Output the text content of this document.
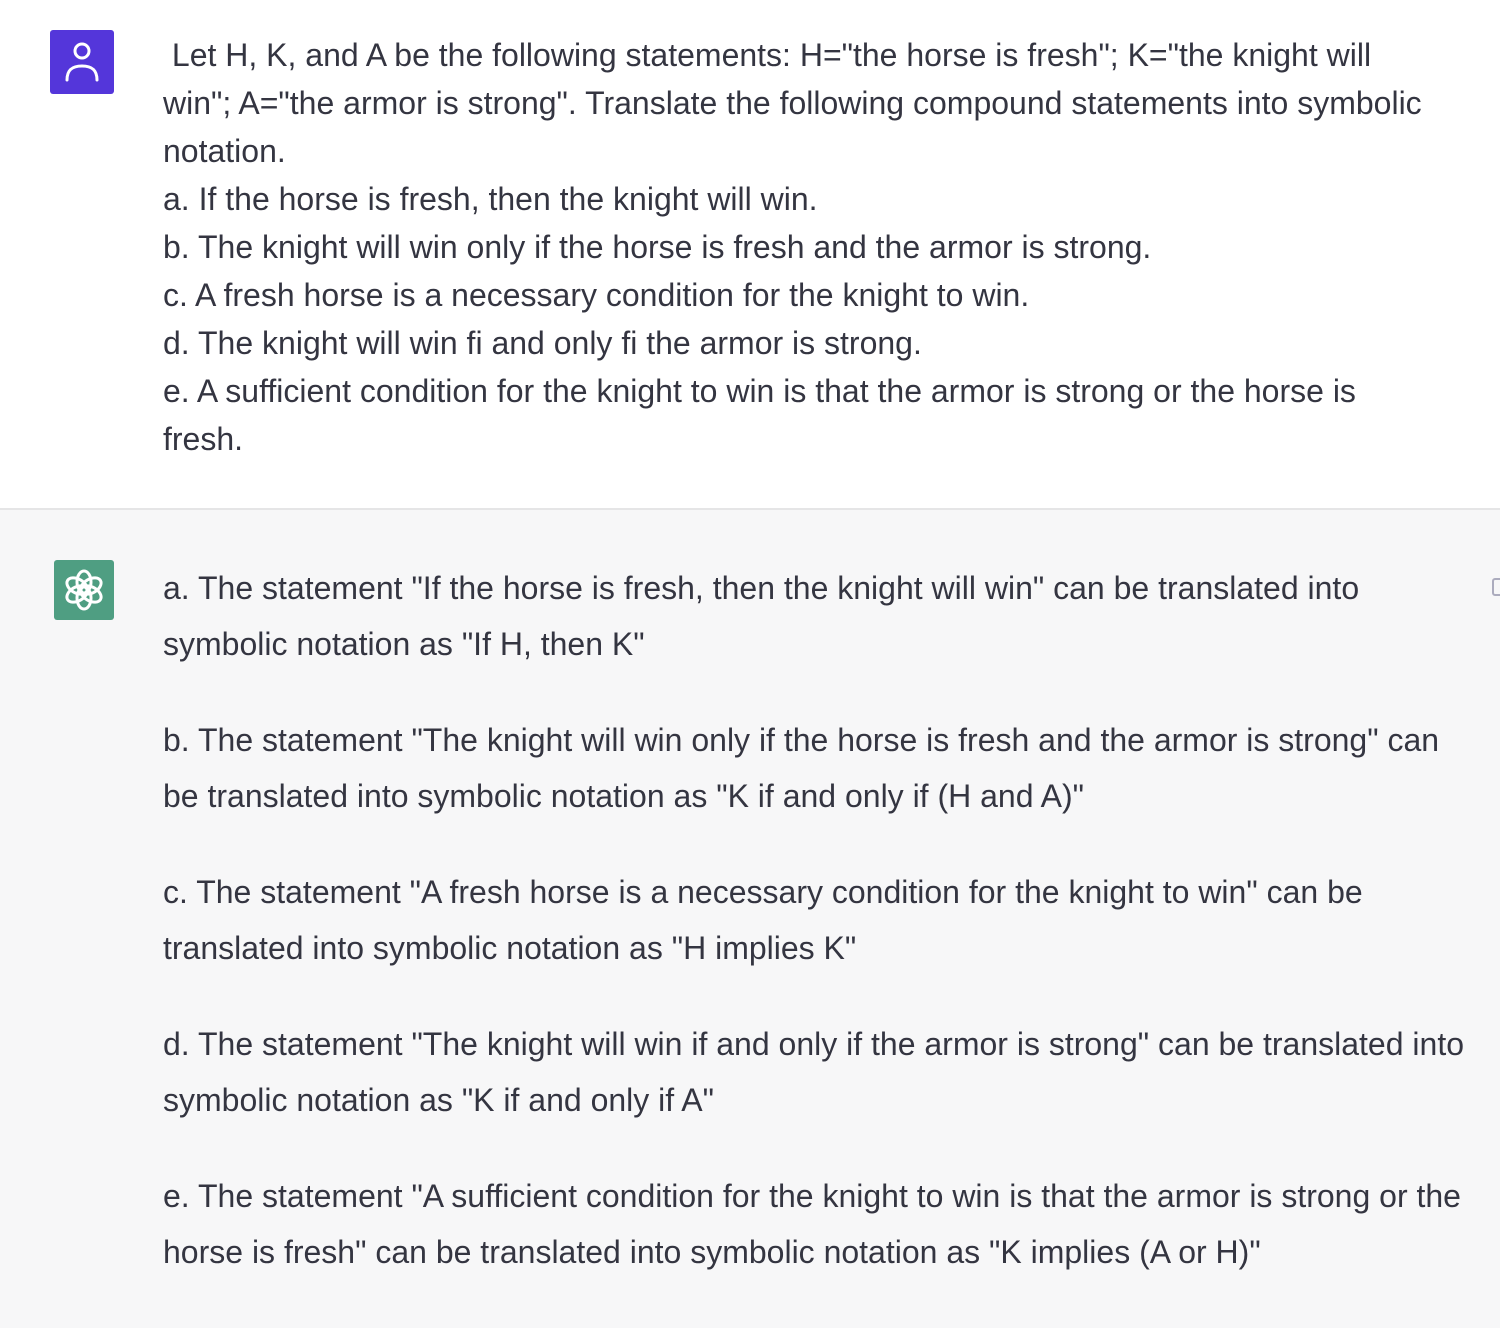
Let H, K, and A be the following statements: H="the horse is fresh"; K="the knight will win"; A="the armor is strong". Translate the following compound statements into symbolic notation.
a. If the horse is fresh, then the knight will win.
b. The knight will win only if the horse is fresh and the armor is strong.
c. A fresh horse is a necessary condition for the knight to win.
d. The knight will win fi and only fi the armor is strong.
e. A sufficient condition for the knight to win is that the armor is strong or the horse is fresh.

a. The statement "If the horse is fresh, then the knight will win" can be translated into symbolic notation as "If H, then K"

b. The statement "The knight will win only if the horse is fresh and the armor is strong" can be translated into symbolic notation as "K if and only if (H and A)"

c. The statement "A fresh horse is a necessary condition for the knight to win" can be translated into symbolic notation as "H implies K"

d. The statement "The knight will win if and only if the armor is strong" can be translated into symbolic notation as "K if and only if A"

e. The statement "A sufficient condition for the knight to win is that the armor is strong or the horse is fresh" can be translated into symbolic notation as "K implies (A or H)"
